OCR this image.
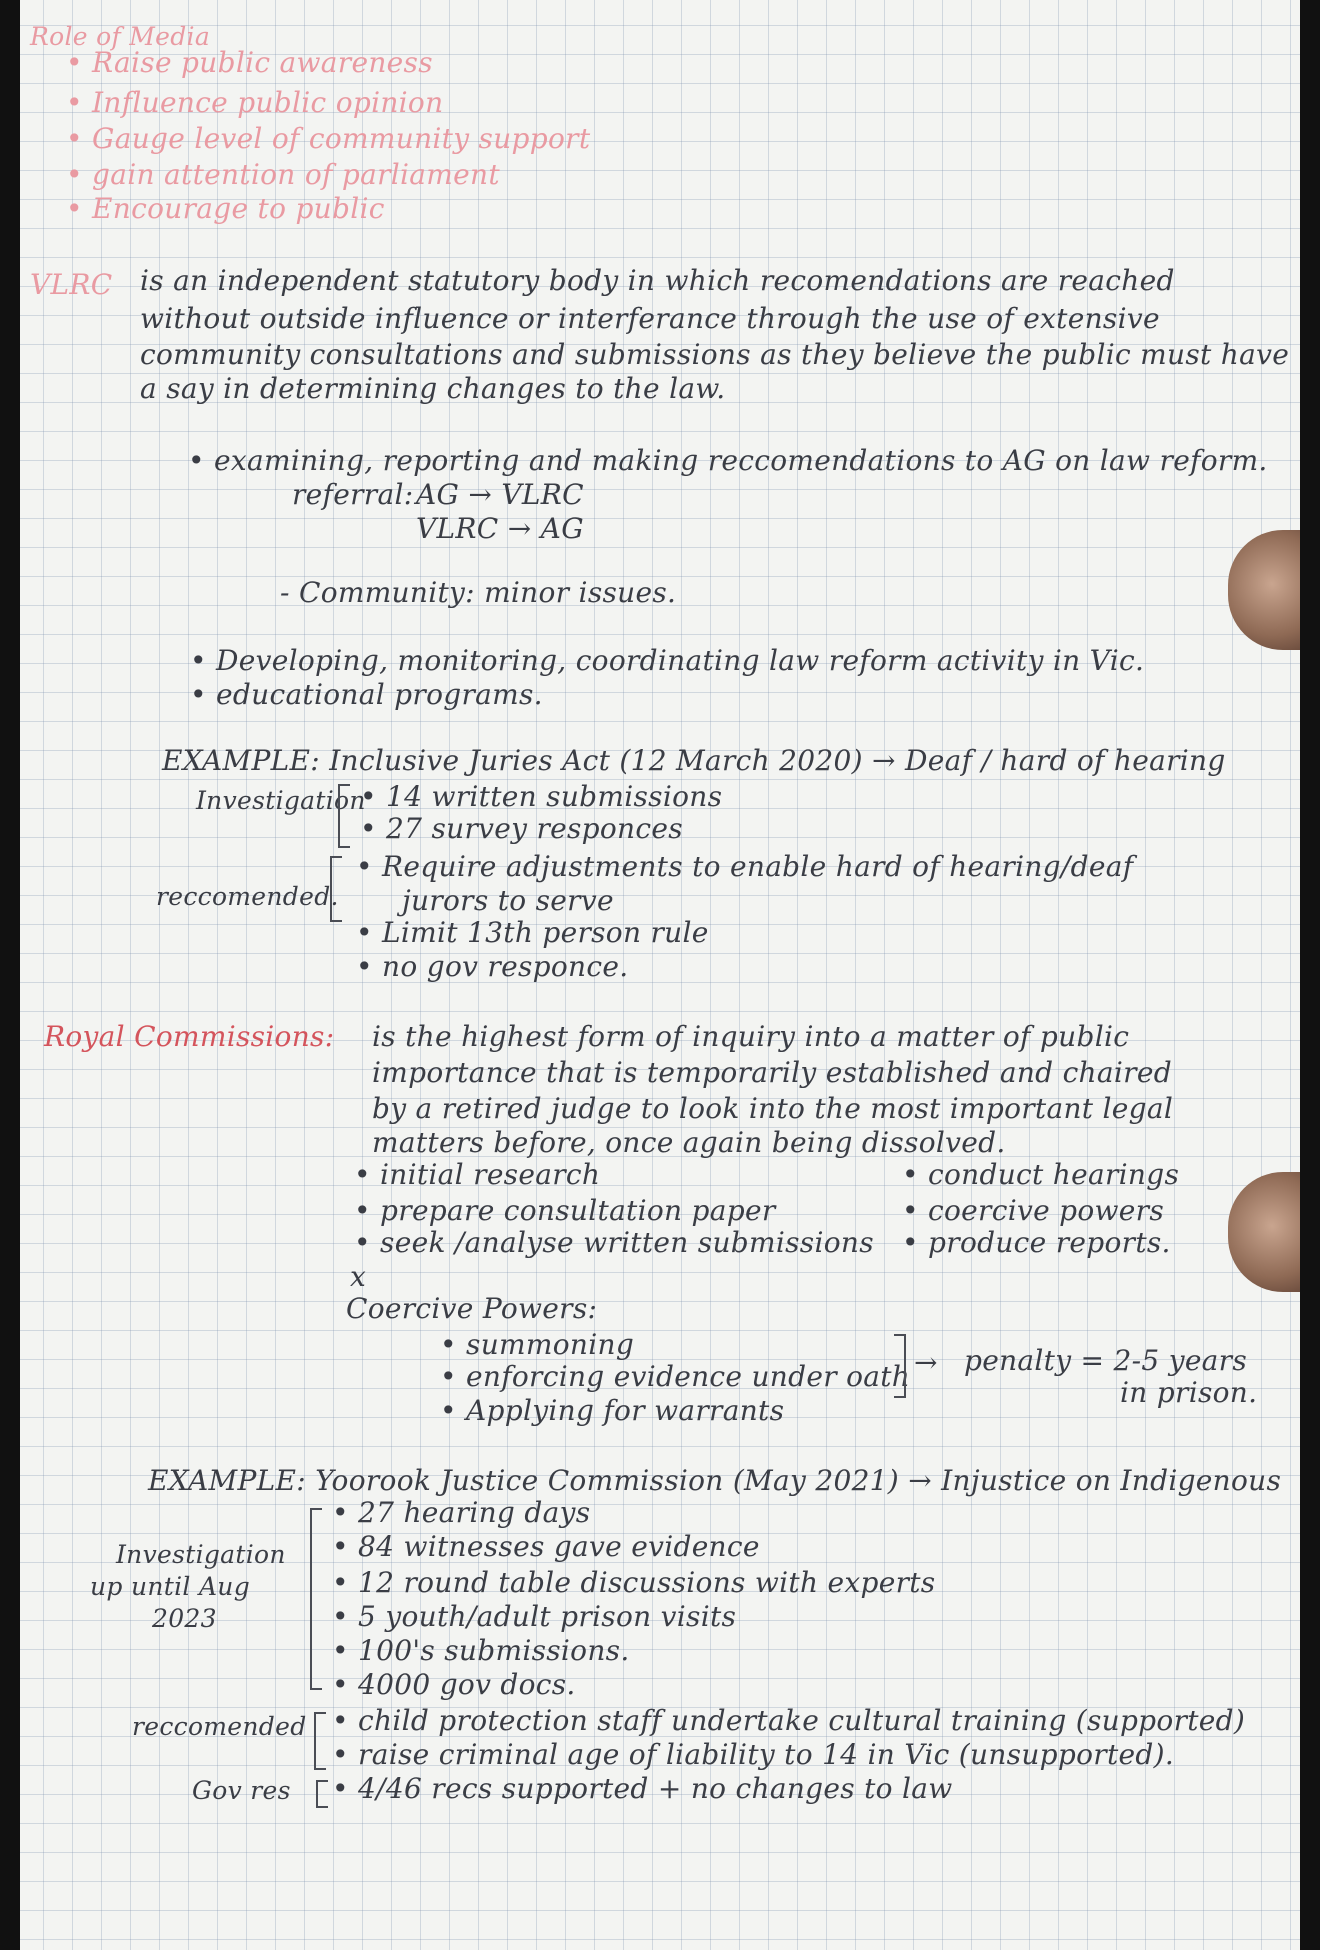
Role of Media
• Raise public awareness
• Influence public opinion
• Gauge level of community support
• gain attention of parliament
• Encourage to public
VLRC is an independent statutory body in which recomendations are reached
without outside influence or interferance through the use of extensive
community consultations and submissions as they believe the public must have
a say in determining changes to the law.
• examining, reporting and making reccomendations to AG on law reform.
referral: AG → VLRC
VLRC → AG
- Community: minor issues.
• Developing, monitoring, coordinating law reform activity in Vic.
• educational programs.
EXAMPLE: Inclusive Juries Act (12 March 2020) → Deaf / hard of hearing
Investigation • 14 written submissions
• 27 survey responces
reccomended.
• Require adjustments to enable hard of hearing/deaf
jurors to serve
• Limit 13th person rule
• no gov responce.
Royal Commissions: is the highest form of inquiry into a matter of public
importance that is temporarily established and chaired
by a retired judge to look into the most important legal
matters before, once again being dissolved.
• initial research
• prepare consultation paper
• seek /analyse written submissions
x
• conduct hearings
• coercive powers
• produce reports.
Coercive Powers:
• summoning
• enforcing evidence under oath
• Applying for warrants
→ penalty = 2-5 years
in prison.
EXAMPLE: Yoorook Justice Commission (May 2021) → Injustice on Indigenous
Investigation
up until Aug
2023
• 27 hearing days
• 84 witnesses gave evidence
• 12 round table discussions with experts
• 5 youth/adult prison visits
• 100's submissions.
• 4000 gov docs.
reccomended	• child protection staff undertake cultural training (supported)
• raise criminal age of liability to 14 in Vic (unsupported).
Gov res	• 4/46 recs supported + no changes to law
